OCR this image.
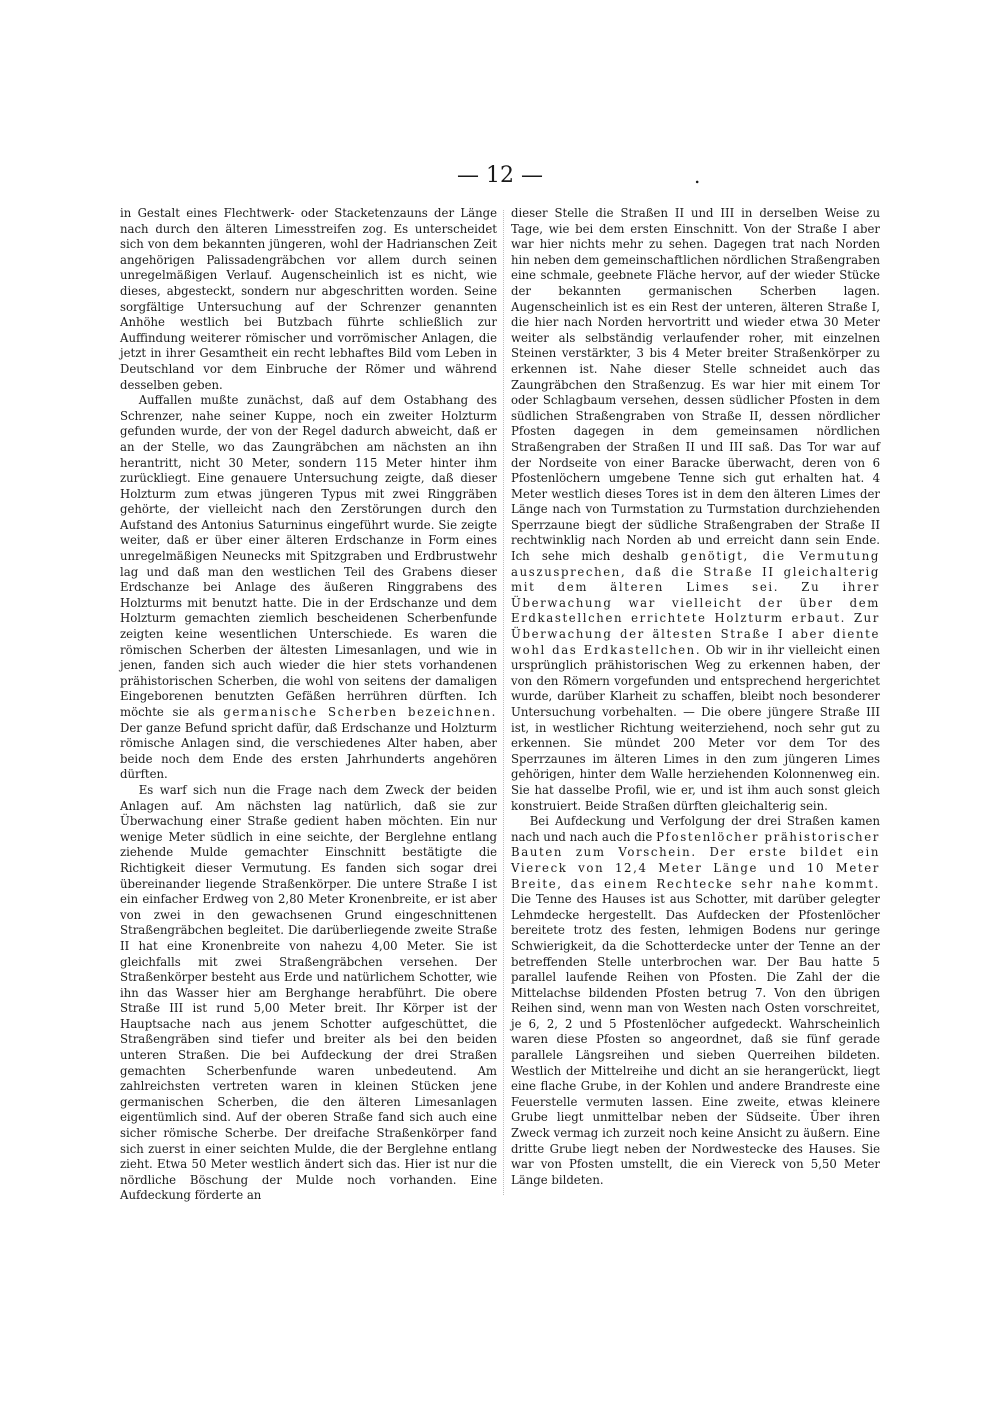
— 12 —	.

in Gestalt eines Flechtwerk- oder Stacketenzauns der Länge nach durch den älteren Limesstreifen zog. Es unterscheidet sich von dem bekannten jüngeren, wohl der Hadrianschen Zeit angehörigen Palissadengräbchen vor allem durch seinen unregelmäßigen Verlauf. Augenscheinlich ist es nicht, wie dieses, abgesteckt, sondern nur abgeschritten worden. Seine sorgfältige Untersuchung auf der Schrenzer genannten Anhöhe westlich bei Butzbach führte schließlich zur Auffindung weiterer römischer und vorrömischer Anlagen, die jetzt in ihrer Gesamtheit ein recht lebhaftes Bild vom Leben in Deutschland vor dem Einbruche der Römer und während desselben geben.

Auffallen mußte zunächst, daß auf dem Ostabhang des Schrenzer, nahe seiner Kuppe, noch ein zweiter Holzturm gefunden wurde, der von der Regel dadurch abweicht, daß er an der Stelle, wo das Zaungräbchen am nächsten an ihn herantritt, nicht 30 Meter, sondern 115 Meter hinter ihm zurückliegt. Eine genauere Untersuchung zeigte, daß dieser Holzturm zum etwas jüngeren Typus mit zwei Ringgräben gehörte, der vielleicht nach den Zerstörungen durch den Aufstand des Antonius Saturninus eingeführt wurde. Sie zeigte weiter, daß er über einer älteren Erdschanze in Form eines unregelmäßigen Neunecks mit Spitzgraben und Erdbrustwehr lag und daß man den westlichen Teil des Grabens dieser Erdschanze bei Anlage des äußeren Ringgrabens des Holzturms mit benutzt hatte. Die in der Erdschanze und dem Holzturm gemachten ziemlich bescheidenen Scherbenfunde zeigten keine wesentlichen Unterschiede. Es waren die römischen Scherben der ältesten Limesanlagen, und wie in jenen, fanden sich auch wieder die hier stets vorhandenen prähistorischen Scherben, die wohl von seitens der damaligen Eingeborenen benutzten Gefäßen herrühren dürften. Ich möchte sie als germanische Scherben bezeichnen. Der ganze Befund spricht dafür, daß Erdschanze und Holzturm römische Anlagen sind, die verschiedenes Alter haben, aber beide noch dem Ende des ersten Jahrhunderts angehören dürften.

Es warf sich nun die Frage nach dem Zweck der beiden Anlagen auf. Am nächsten lag natürlich, daß sie zur Überwachung einer Straße gedient haben möchten. Ein nur wenige Meter südlich in eine seichte, der Berglehne entlang ziehende Mulde gemachter Einschnitt bestätigte die Richtigkeit dieser Vermutung. Es fanden sich sogar drei übereinander liegende Straßenkörper. Die untere Straße I ist ein einfacher Erdweg von 2,80 Meter Kronenbreite, er ist aber von zwei in den gewachsenen Grund eingeschnittenen Straßengräbchen begleitet. Die darüberliegende zweite Straße II hat eine Kronenbreite von nahezu 4,00 Meter. Sie ist gleichfalls mit zwei Straßengräbchen versehen. Der Straßenkörper besteht aus Erde und natürlichem Schotter, wie ihn das Wasser hier am Berghange herabführt. Die obere Straße III ist rund 5,00 Meter breit. Ihr Körper ist der Hauptsache nach aus jenem Schotter aufgeschüttet, die Straßengräben sind tiefer und breiter als bei den beiden unteren Straßen. Die bei Aufdeckung der drei Straßen gemachten Scherbenfunde waren unbedeutend. Am zahlreichsten vertreten waren in kleinen Stücken jene germanischen Scherben, die den älteren Limesanlagen eigentümlich sind. Auf der oberen Straße fand sich auch eine sicher römische Scherbe. Der dreifache Straßenkörper fand sich zuerst in einer seichten Mulde, die der Berglehne entlang zieht. Etwa 50 Meter westlich ändert sich das. Hier ist nur die nördliche Böschung der Mulde noch vorhanden. Eine Aufdeckung förderte an

dieser Stelle die Straßen II und III in derselben Weise zu Tage, wie bei dem ersten Einschnitt. Von der Straße I aber war hier nichts mehr zu sehen. Dagegen trat nach Norden hin neben dem gemeinschaftlichen nördlichen Straßengraben eine schmale, geebnete Fläche hervor, auf der wieder Stücke der bekannten germanischen Scherben lagen. Augenscheinlich ist es ein Rest der unteren, älteren Straße I, die hier nach Norden hervortritt und wieder etwa 30 Meter weiter als selbständig verlaufender roher, mit einzelnen Steinen verstärkter, 3 bis 4 Meter breiter Straßenkörper zu erkennen ist. Nahe dieser Stelle schneidet auch das Zaungräbchen den Straßenzug. Es war hier mit einem Tor oder Schlagbaum versehen, dessen südlicher Pfosten in dem südlichen Straßengraben von Straße II, dessen nördlicher Pfosten dagegen in dem gemeinsamen nördlichen Straßengraben der Straßen II und III saß. Das Tor war auf der Nordseite von einer Baracke überwacht, deren von 6 Pfostenlöchern umgebene Tenne sich gut erhalten hat. 4 Meter westlich dieses Tores ist in dem den älteren Limes der Länge nach von Turmstation zu Turmstation durchziehenden Sperrzaune biegt der südliche Straßengraben der Straße II rechtwinklig nach Norden ab und erreicht dann sein Ende. Ich sehe mich deshalb genötigt, die Vermutung auszusprechen, daß die Straße II gleichalterig mit dem älteren Limes sei. Zu ihrer Überwachung war vielleicht der über dem Erdkastellchen errichtete Holzturm erbaut. Zur Überwachung der ältesten Straße I aber diente wohl das Erdkastellchen. Ob wir in ihr vielleicht einen ursprünglich prähistorischen Weg zu erkennen haben, der von den Römern vorgefunden und entsprechend hergerichtet wurde, darüber Klarheit zu schaffen, bleibt noch besonderer Untersuchung vorbehalten. — Die obere jüngere Straße III ist, in westlicher Richtung weiterziehend, noch sehr gut zu erkennen. Sie mündet 200 Meter vor dem Tor des Sperrzaunes im älteren Limes in den zum jüngeren Limes gehörigen, hinter dem Walle herziehenden Kolonnenweg ein. Sie hat dasselbe Profil, wie er, und ist ihm auch sonst gleich konstruiert. Beide Straßen dürften gleichalterig sein.

Bei Aufdeckung und Verfolgung der drei Straßen kamen nach und nach auch die Pfostenlöcher prähistorischer Bauten zum Vorschein. Der erste bildet ein Viereck von 12,4 Meter Länge und 10 Meter Breite, das einem Rechtecke sehr nahe kommt. Die Tenne des Hauses ist aus Schotter, mit darüber gelegter Lehmdecke hergestellt. Das Aufdecken der Pfostenlöcher bereitete trotz des festen, lehmigen Bodens nur geringe Schwierigkeit, da die Schotterdecke unter der Tenne an der betreffenden Stelle unterbrochen war. Der Bau hatte 5 parallel laufende Reihen von Pfosten. Die Zahl der die Mittelachse bildenden Pfosten betrug 7. Von den übrigen Reihen sind, wenn man von Westen nach Osten vorschreitet, je 6, 2, 2 und 5 Pfostenlöcher aufgedeckt. Wahrscheinlich waren diese Pfosten so angeordnet, daß sie fünf gerade parallele Längsreihen und sieben Querreihen bildeten. Westlich der Mittelreihe und dicht an sie herangerückt, liegt eine flache Grube, in der Kohlen und andere Brandreste eine Feuerstelle vermuten lassen. Eine zweite, etwas kleinere Grube liegt unmittelbar neben der Südseite. Über ihren Zweck vermag ich zurzeit noch keine Ansicht zu äußern. Eine dritte Grube liegt neben der Nordwestecke des Hauses. Sie war von Pfosten umstellt, die ein Viereck von 5,50 Meter Länge bildeten.
